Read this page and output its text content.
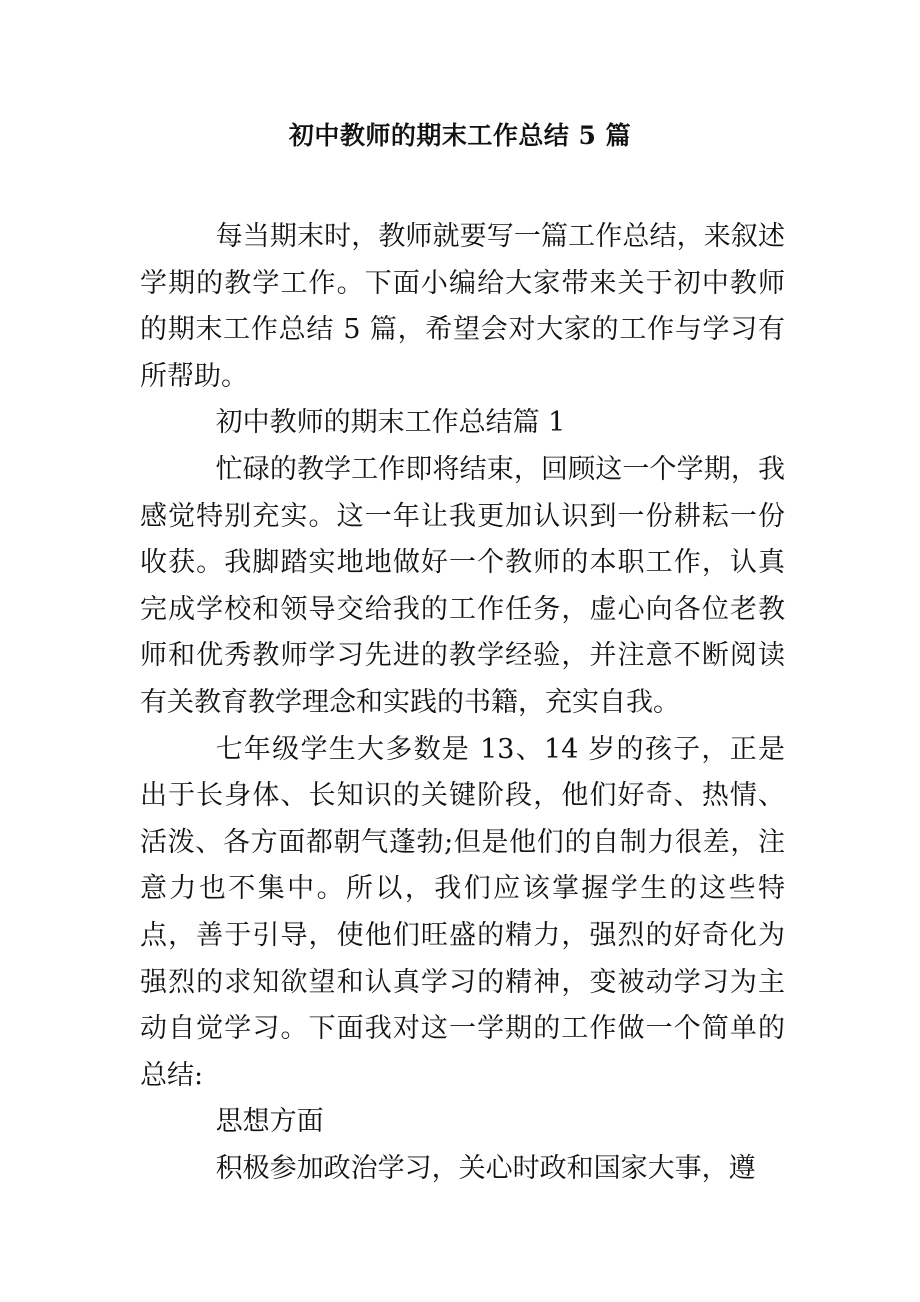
初中教师的期末工作总结 5 篇

每当期末时，教师就要写一篇工作总结，来叙述学期的教学工作。下面小编给大家带来关于初中教师的期末工作总结 5 篇，希望会对大家的工作与学习有所帮助。

初中教师的期末工作总结篇 1

忙碌的教学工作即将结束，回顾这一个学期，我感觉特别充实。这一年让我更加认识到一份耕耘一份收获。我脚踏实地地做好一个教师的本职工作，认真完成学校和领导交给我的工作任务，虚心向各位老教师和优秀教师学习先进的教学经验，并注意不断阅读有关教育教学理念和实践的书籍，充实自我。

七年级学生大多数是 13、14 岁的孩子，正是出于长身体、长知识的关键阶段，他们好奇、热情、活泼、各方面都朝气蓬勃;但是他们的自制力很差，注意力也不集中。所以，我们应该掌握学生的这些特点，善于引导，使他们旺盛的精力，强烈的好奇化为强烈的求知欲望和认真学习的精神，变被动学习为主动自觉学习。下面我对这一学期的工作做一个简单的总结:

思想方面

积极参加政治学习，关心时政和国家大事，遵
